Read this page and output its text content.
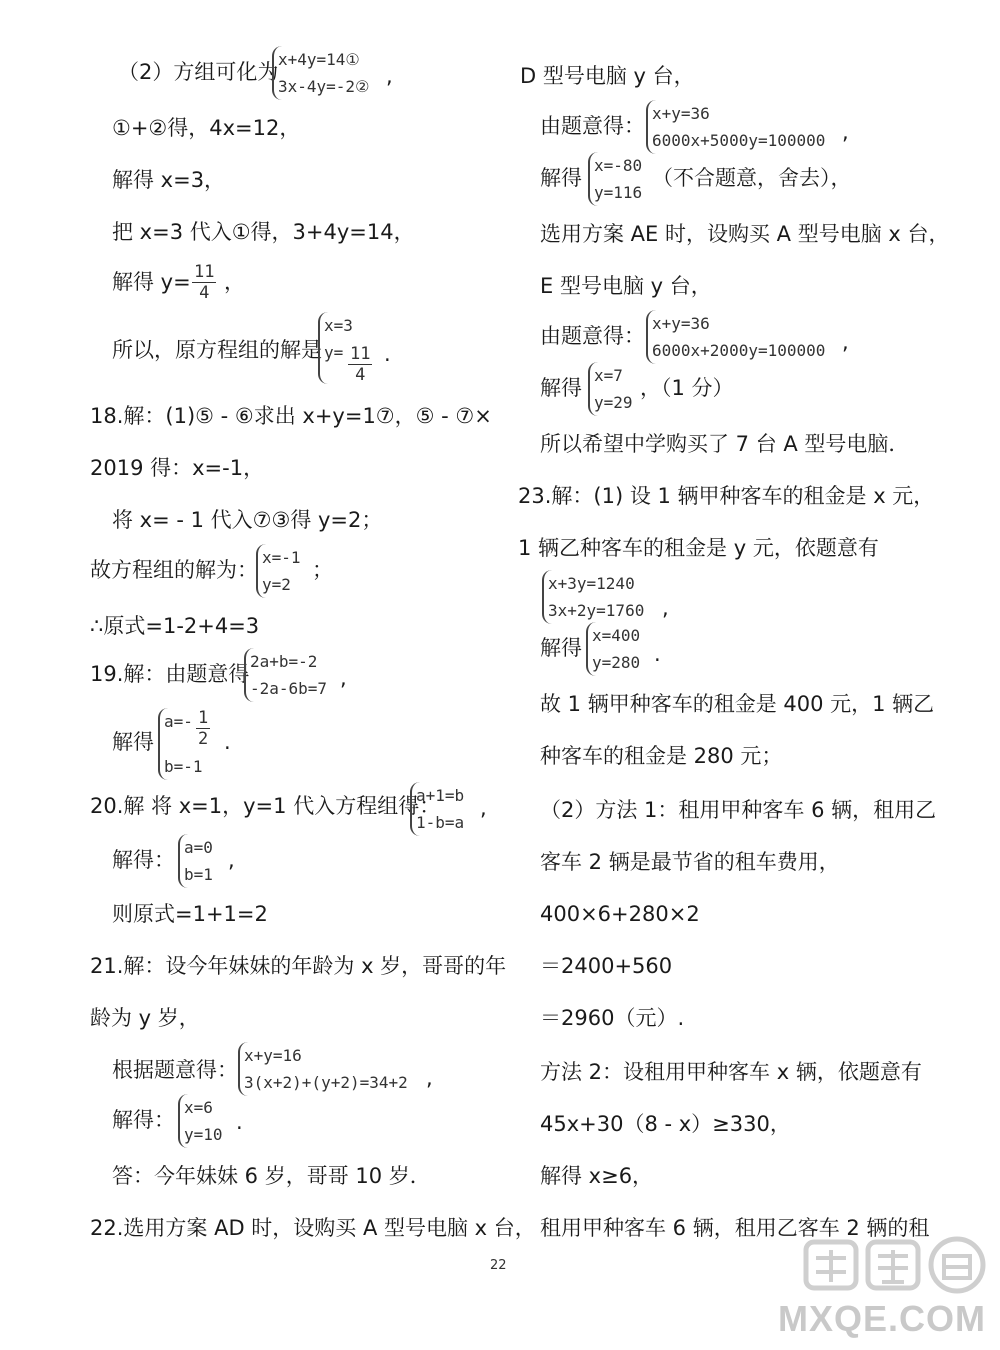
（2）方组可化为
x+4y=14①
3x-4y=-2② ,
①+②得，4x=12，
解得 x=3，
把 x=3 代入①得，3+4y=14，
解得 $y= \frac{11}{4}$ ，
所以，原方程组的解是
x=3
$y= \frac{11}{4}$ .
18.解：(1)⑤ - ⑥求出 x+y=1⑦，⑤ - ⑦×
2019 得：x=-1，
将 x= - 1 代入⑦③得 y=2；
故方程组的解为：
x=-1
y=2
；
∴原式=1-2+4=3
19.解：由题意得
2a+b=-2
-2a-6b=7 ,
解得
a=-
b=-1
$\frac{1}{2}$ .
20.解 将 x=1，y=1 代入方程组得：
a+1=b
1-b=a
,
解得：
a=0
b=1
,
则原式=1+1=2
21.解：设今年妹妹的年龄为 x 岁，哥哥的年
龄为 y 岁，
根据题意得：
x+y=16
3(x+2)+(y+2)=34+2 ,
解得：
x=6
y=10
.
答：今年妹妹 6 岁，哥哥 10 岁．
22.选用方案 AD 时，设购买 A 型号电脑 x 台，
D 型号电脑 y 台，
由题意得：
x+y=36
6000x+5000y=100000 ,
解得
x=-80
y=116
（不合题意，舍去），
选用方案 AE 时，设购买 A 型号电脑 x 台，
E 型号电脑 y 台，
由题意得：
x+y=36
6000x+2000y=100000 ,
解得
x=7
y=29
，（1 分）
所以希望中学购买了 7 台 A 型号电脑．
23.解：(1) 设 1 辆甲种客车的租金是 x 元，
1 辆乙种客车的租金是 y 元，依题意有
x+3y=1240
3x+2y=1760 ,
解得
x=400
y=280 .
故 1 辆甲种客车的租金是 400 元，1 辆乙
种客车的租金是 280 元；
（2）方法 1：租用甲种客车 6 辆，租用乙
客车 2 辆是最节省的租车费用，
400×6+280×2
＝2400+560
＝2960（元）.
方法 2：设租用甲种客车 x 辆，依题意有
45x+30（8 - x）≥330，
解得 x≥6，
租用甲种客车 6 辆，租用乙客车 2 辆的租
22
MXQE.COM
